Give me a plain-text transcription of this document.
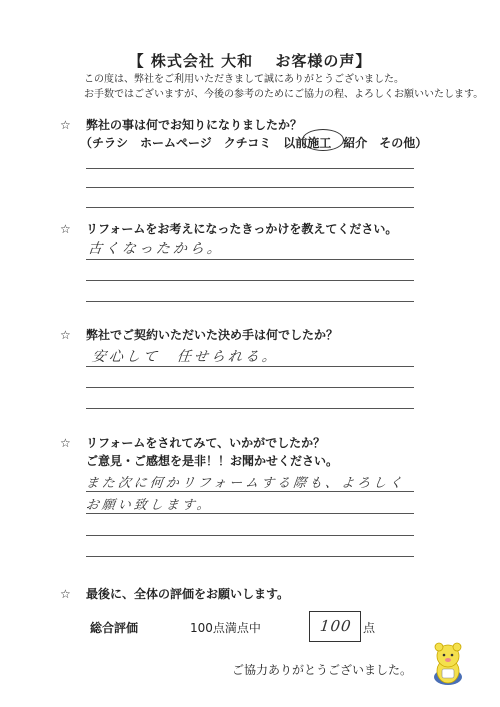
【 株式会社 大和　 お客様の声】
この度は、弊社をご利用いただきまして誠にありがとうございました。
お手数ではございますが、今後の参考のためにご協力の程、よろしくお願いいたします。
☆ 弊社の事は何でお知りになりましたか？
（チラシ　ホームページ　クチコミ　以前施工　紹介　その他）
☆ リフォームをお考えになったきっかけを教えてください。
古くなったから。
☆ 弊社でご契約いただいた決め手は何でしたか？
安心して　任せられる。
☆ リフォームをされてみて、いかがでしたか？
ご意見・ご感想を是非！！お聞かせください。
また次に何かリフォームする際も、よろしく
お願い致します。
☆ 最後に、全体の評価をお願いします。
総合評価	100点満点中	100 点
ご協力ありがとうございました。
